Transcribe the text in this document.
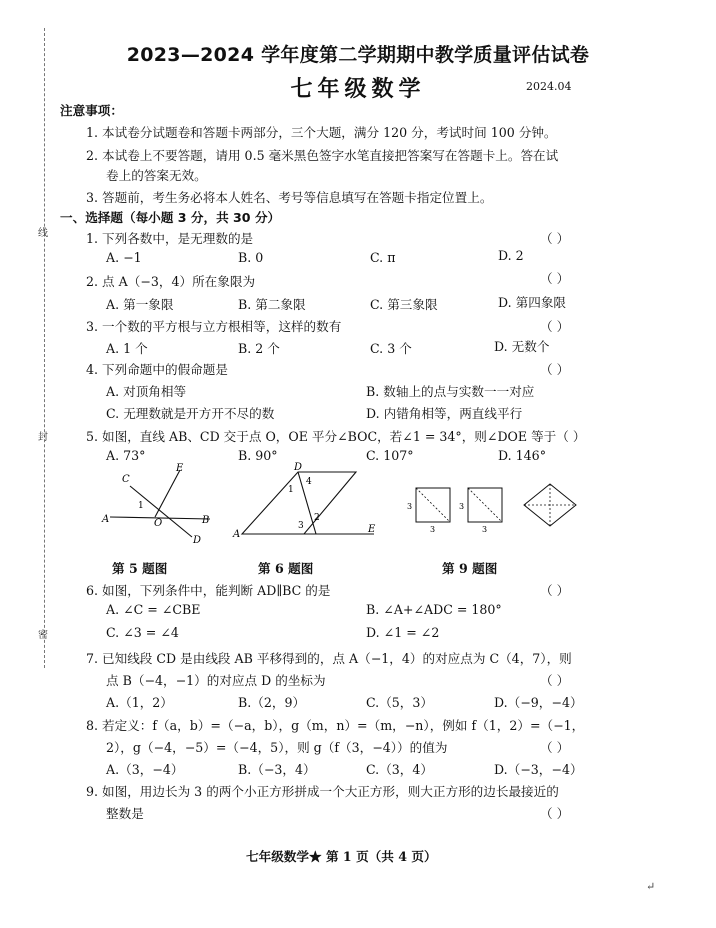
线
封
密
2023—2024 学年度第二学期期中教学质量评估试卷
七年级数学	2024.04
注意事项：
1. 本试卷分试题卷和答题卡两部分，三个大题，满分 120 分，考试时间 100 分钟。
2. 本试卷上不要答题，请用 0.5 毫米黑色签字水笔直接把答案写在答题卡上。答在试
卷上的答案无效。
3. 答题前，考生务必将本人姓名、考号等信息填写在答题卡指定位置上。
一、选择题（每小题 3 分，共 30 分）
1. 下列各数中，是无理数的是	（ ）
A. −1	B. 0	C. π	D. 2
2. 点 A（−3，4）所在象限为	（ ）
A. 第一象限	B. 第二象限	C. 第三象限	D. 第四象限
3. 一个数的平方根与立方根相等，这样的数有	（ ）
A. 1 个	B. 2 个	C. 3 个	D. 无数个
4. 下列命题中的假命题是	（ ）
A. 对顶角相等	B. 数轴上的点与实数一一对应
C. 无理数就是开方开不尽的数	D. 内错角相等，两直线平行
5. 如图，直线 AB、CD 交于点 O，OE 平分∠BOC，若∠1 = 34°，则∠DOE 等于（ ）
A. 73°	B. 90°	C. 107°	D. 146°
A	B
C
D
E
O
1
第 5 题图
A
D
E
1
2
3
4
第 6 题图
3
3
3
3
第 9 题图
6. 如图，下列条件中，能判断 AD∥BC 的是	（ ）
A. ∠C = ∠CBE	B. ∠A+∠ADC = 180°
C. ∠3 = ∠4	D. ∠1 = ∠2
7. 已知线段 CD 是由线段 AB 平移得到的，点 A（−1，4）的对应点为 C（4，7），则
点 B（−4，−1）的对应点 D 的坐标为	（ ）
A.（1，2）	B.（2，9）	C.（5，3）	D.（−9，−4）
8. 若定义：f（a，b）=（−a，b），g（m，n）=（m，−n），例如 f（1，2）=（−1，
2），g（−4，−5）=（−4，5），则 g（f（3，−4））的值为	（ ）
A.（3，−4）	B.（−3，4）	C.（3，4）	D.（−3，−4）
9. 如图，用边长为 3 的两个小正方形拼成一个大正方形，则大正方形的边长最接近的
整数是	（ ）
七年级数学★ 第 1 页（共 4 页）
↵
